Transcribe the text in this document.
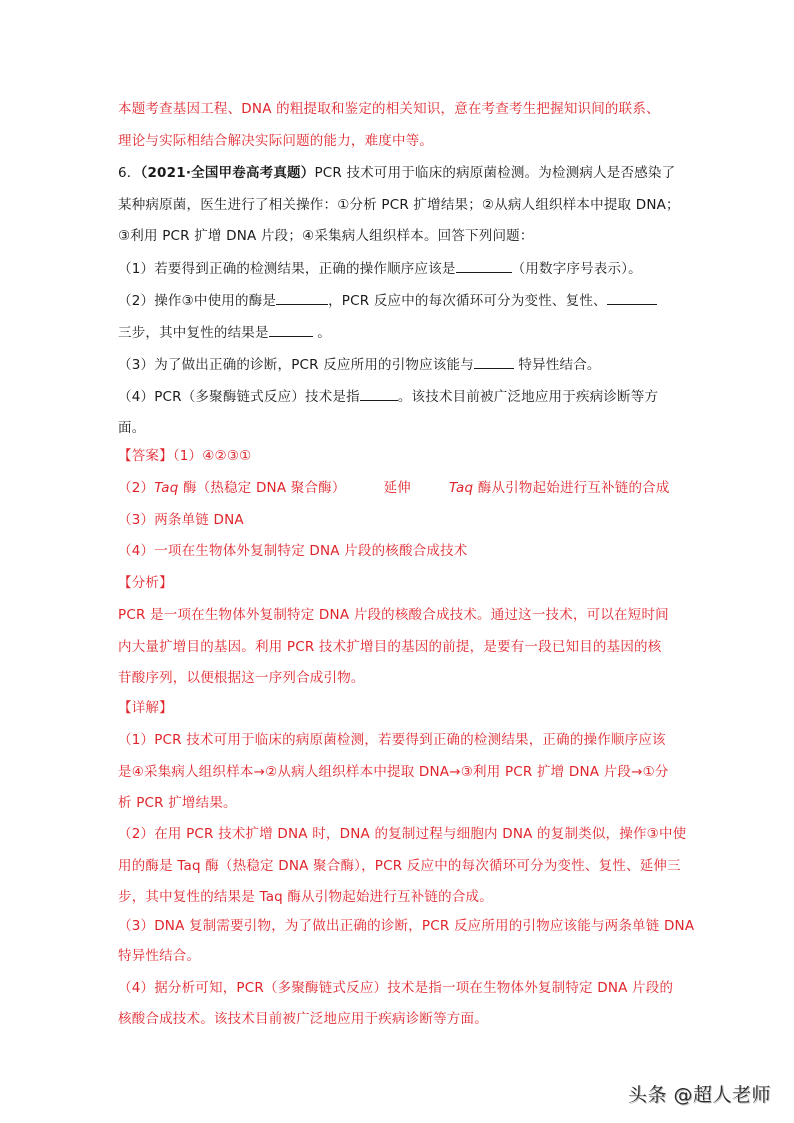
本题考查基因工程、DNA 的粗提取和鉴定的相关知识，意在考查考生把握知识间的联系、
理论与实际相结合解决实际问题的能力，难度中等。
6．（2021·全国甲卷高考真题）PCR 技术可用于临床的病原菌检测。为检测病人是否感染了
某种病原菌，医生进行了相关操作：①分析 PCR 扩增结果；②从病人组织样本中提取 DNA；
③利用 PCR 扩增 DNA 片段；④采集病人组织样本。回答下列问题：
（1）若要得到正确的检测结果，正确的操作顺序应该是	（用数字序号表示）。
（2）操作③中使用的酶是	，PCR 反应中的每次循环可分为变性、复性、
三步，其中复性的结果是	。
（3）为了做出正确的诊断，PCR 反应所用的引物应该能与	特异性结合。
（4）PCR（多聚酶链式反应）技术是指	。该技术目前被广泛地应用于疾病诊断等方
面。
【答案】（1）④②③①
（2）Taq 酶（热稳定 DNA 聚合酶）	延伸	Taq 酶从引物起始进行互补链的合成
（3）两条单链 DNA
（4）一项在生物体外复制特定 DNA 片段的核酸合成技术
【分析】
PCR 是一项在生物体外复制特定 DNA 片段的核酸合成技术。通过这一技术，可以在短时间
内大量扩增目的基因。利用 PCR 技术扩增目的基因的前提，是要有一段已知目的基因的核
苷酸序列，以便根据这一序列合成引物。
【详解】
（1）PCR 技术可用于临床的病原菌检测，若要得到正确的检测结果，正确的操作顺序应该
是④采集病人组织样本→②从病人组织样本中提取 DNA→③利用 PCR 扩增 DNA 片段→①分
析 PCR 扩增结果。
（2）在用 PCR 技术扩增 DNA 时，DNA 的复制过程与细胞内 DNA 的复制类似，操作③中使
用的酶是 Taq 酶（热稳定 DNA 聚合酶），PCR 反应中的每次循环可分为变性、复性、延伸三
步，其中复性的结果是 Taq 酶从引物起始进行互补链的合成。
（3）DNA 复制需要引物，为了做出正确的诊断，PCR 反应所用的引物应该能与两条单链 DNA
特异性结合。
（4）据分析可知，PCR（多聚酶链式反应）技术是指一项在生物体外复制特定 DNA 片段的
核酸合成技术。该技术目前被广泛地应用于疾病诊断等方面。
头条 @超人老师
